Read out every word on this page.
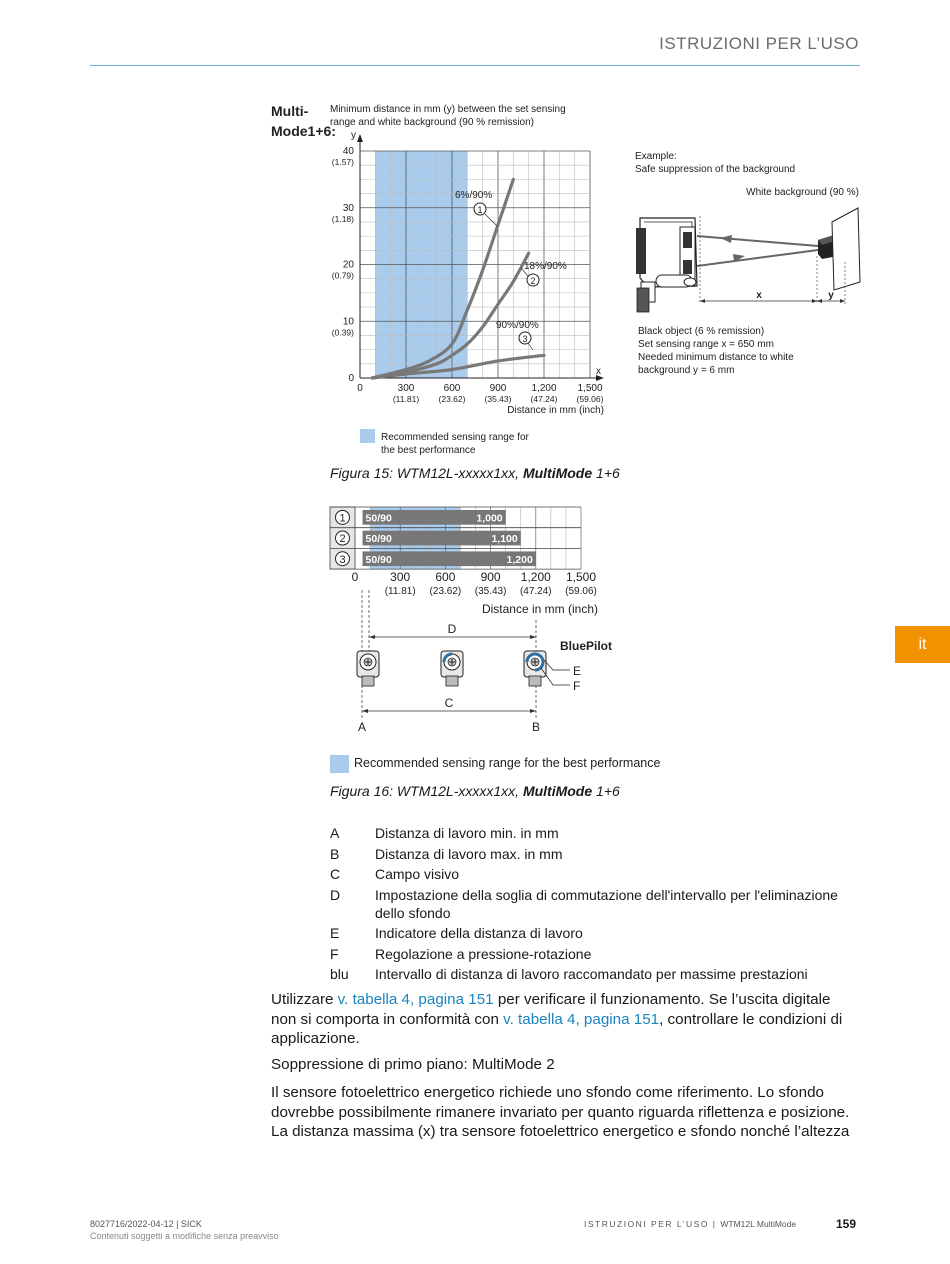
ISTRUZIONI PER L’USO
Multi-Mode1+6:
it
Minimum distance in mm (y) between the set sensing
range and white background (90 % remission)
y
x
40
(1.57)
30
(1.18)
20
(0.79)
10
(0.39)
0
0	300
(11.81)
600
(23.62)
900
(35.43)
1,200
(47.24)
1,500
(59.06)
Distance in mm (inch)
6%/90%
1
18%/90%
2
90%/90%
3
Recommended sensing range for
the best performance
Example:
Safe suppression of the background
White background (90 %)
x	y
Black object (6 % remission)
Set sensing range x = 650 mm
Needed minimum distance to white
background y = 6 mm
Figura 15: WTM12L-xxxxx1xx, MultiMode 1+6
1 50/90	1,000
2 50/90	1,100
3 50/90	1,200
0	300
(11.81)
600
(23.62)
900
(35.43)
1,200
(47.24)
1,500
(59.06)
Distance in mm (inch)
D
C
A	B
BluePilot
E
F
Recommended sensing range for the best performance
Figura 16: WTM12L-xxxxx1xx, MultiMode 1+6
A	Distanza di lavoro min. in mm
B	Distanza di lavoro max. in mm
C	Campo visivo
D	Impostazione della soglia di commutazione dell'intervallo per l'eliminazione dello sfondo
E	Indicatore della distanza di lavoro
F	Regolazione a pressione-rotazione
blu	Intervallo di distanza di lavoro raccomandato per massime prestazioni
Utilizzare v. tabella 4, pagina 151 per verificare il funzionamento. Se l’uscita digitale non si comporta in conformità con v. tabella 4, pagina 151, controllare le condizioni di applicazione.
Soppressione di primo piano: MultiMode 2
Il sensore fotoelettrico energetico richiede uno sfondo come riferimento. Lo sfondo dovrebbe possibilmente rimanere invariato per quanto riguarda riflettenza e posizione. La distanza massima (x) tra sensore fotoelettrico energetico e sfondo nonché l’altezza
8027716/2022-04-12 | SICK
Contenuti soggetti a modifiche senza preavviso
ISTRUZIONI PER L’USO | WTM12L MultiMode	159
